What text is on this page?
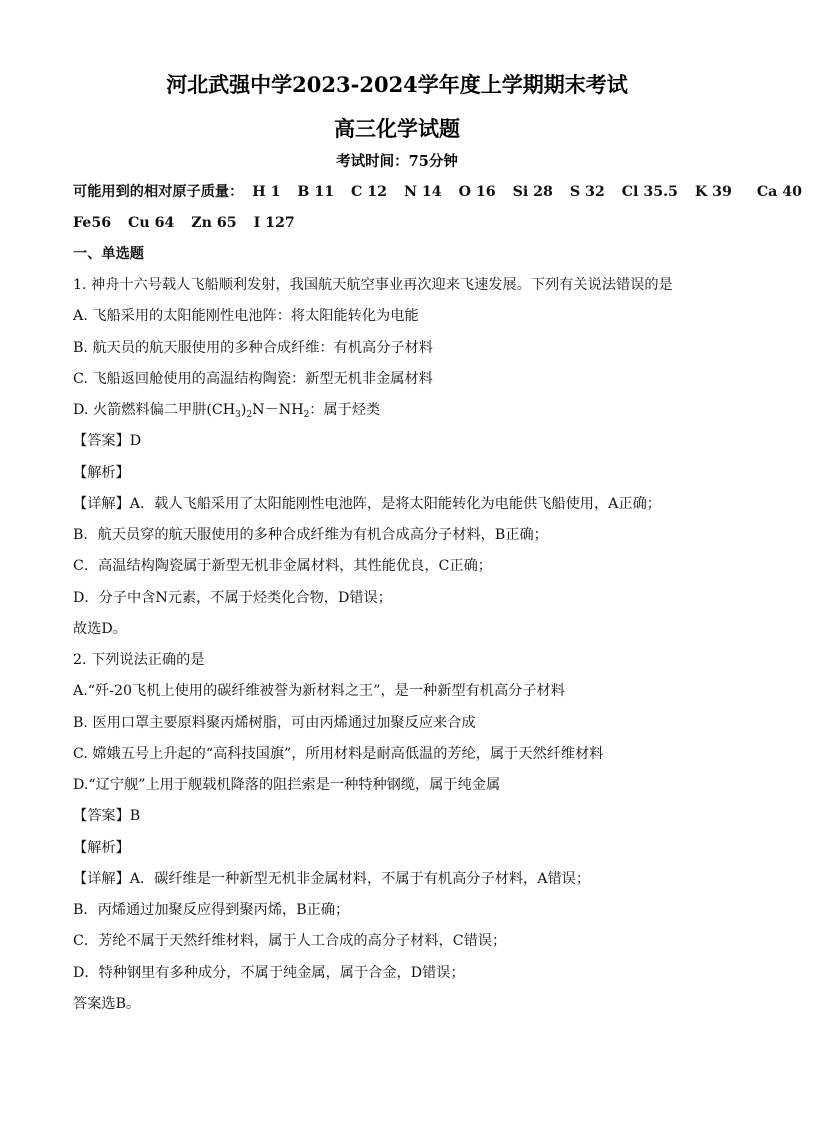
河北武强中学2023-2024学年度上学期期末考试
高三化学试题
考试时间：75分钟
可能用到的相对原子质量： H 1 B 11 C 12 N 14 O 16 Si 28 S 32 Cl 35.5 K 39 Ca 40
Fe56 Cu 64 Zn 65 I 127
一、单选题
1. 神舟十六号载人飞船顺利发射，我国航天航空事业再次迎来飞速发展。下列有关说法错误的是
A. 飞船采用的太阳能刚性电池阵：将太阳能转化为电能
B. 航天员的航天服使用的多种合成纤维：有机高分子材料
C. 飞船返回舱使用的高温结构陶瓷：新型无机非金属材料
D. 火箭燃料偏二甲肼$(CH_3)_2N-NH_2$：属于烃类
【答案】D
【解析】
【详解】A．载人飞船采用了太阳能刚性电池阵，是将太阳能转化为电能供飞船使用，A正确；
B．航天员穿的航天服使用的多种合成纤维为有机合成高分子材料，B正确；
C．高温结构陶瓷属于新型无机非金属材料，其性能优良，C正确；
D．分子中含N元素，不属于烃类化合物，D错误；
故选D。
2. 下列说法正确的是
A.“歼-20飞机上使用的碳纤维被誉为新材料之王”，是一种新型有机高分子材料
B. 医用口罩主要原料聚丙烯树脂，可由丙烯通过加聚反应来合成
C. 嫦娥五号上升起的“高科技国旗”，所用材料是耐高低温的芳纶，属于天然纤维材料
D.“辽宁舰”上用于舰载机降落的阻拦索是一种特种钢缆，属于纯金属
【答案】B
【解析】
【详解】A．碳纤维是一种新型无机非金属材料，不属于有机高分子材料，A错误；
B．丙烯通过加聚反应得到聚丙烯，B正确；
C．芳纶不属于天然纤维材料，属于人工合成的高分子材料，C错误；
D．特种钢里有多种成分，不属于纯金属，属于合金，D错误；
答案选B。
